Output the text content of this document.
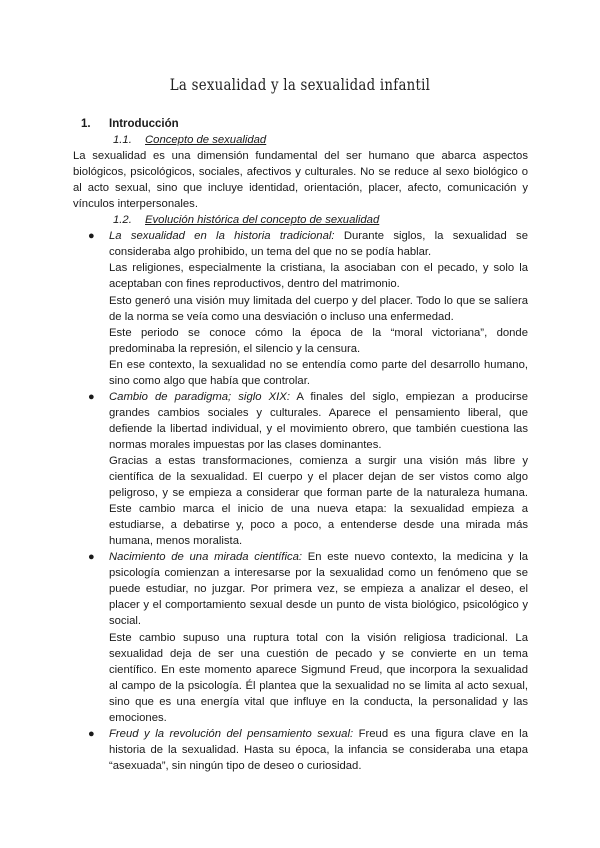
La sexualidad y la sexualidad infantil
1. Introducción
1.1. Concepto de sexualidad

La sexualidad es una dimensión fundamental del ser humano que abarca aspectos biológicos, psicológicos, sociales, afectivos y culturales. No se reduce al sexo biológico o al acto sexual, sino que incluye identidad, orientación, placer, afecto, comunicación y vínculos interpersonales.

1.2. Evolución histórica del concepto de sexualidad
● La sexualidad en la historia tradicional: Durante siglos, la sexualidad se consideraba algo prohibido, un tema del que no se podía hablar.

Las religiones, especialmente la cristiana, la asociaban con el pecado, y solo la aceptaban con fines reproductivos, dentro del matrimonio.

Esto generó una visión muy limitada del cuerpo y del placer. Todo lo que se salíera de la norma se veía como una desviación o incluso una enfermedad.

Este periodo se conoce cómo la época de la “moral victoriana”, donde predominaba la represión, el silencio y la censura.

En ese contexto, la sexualidad no se entendía como parte del desarrollo humano, sino como algo que había que controlar.

● Cambio de paradigma; siglo XIX: A finales del siglo, empiezan a producirse grandes cambios sociales y culturales. Aparece el pensamiento liberal, que defiende la libertad individual, y el movimiento obrero, que también cuestiona las normas morales impuestas por las clases dominantes.

Gracias a estas transformaciones, comienza a surgir una visión más libre y científica de la sexualidad. El cuerpo y el placer dejan de ser vistos como algo peligroso, y se empieza a considerar que forman parte de la naturaleza humana. Este cambio marca el inicio de una nueva etapa: la sexualidad empieza a estudiarse, a debatirse y, poco a poco, a entenderse desde una mirada más humana, menos moralista.

● Nacimiento de una mirada científica: En este nuevo contexto, la medicina y la psicología comienzan a interesarse por la sexualidad como un fenómeno que se puede estudiar, no juzgar. Por primera vez, se empieza a analizar el deseo, el placer y el comportamiento sexual desde un punto de vista biológico, psicológico y social.

Este cambio supuso una ruptura total con la visión religiosa tradicional. La sexualidad deja de ser una cuestión de pecado y se convierte en un tema científico. En este momento aparece Sigmund Freud, que incorpora la sexualidad al campo de la psicología. Él plantea que la sexualidad no se limita al acto sexual, sino que es una energía vital que influye en la conducta, la personalidad y las emociones.

● Freud y la revolución del pensamiento sexual: Freud es una figura clave en la historia de la sexualidad. Hasta su época, la infancia se consideraba una etapa “asexuada”, sin ningún tipo de deseo o curiosidad.
